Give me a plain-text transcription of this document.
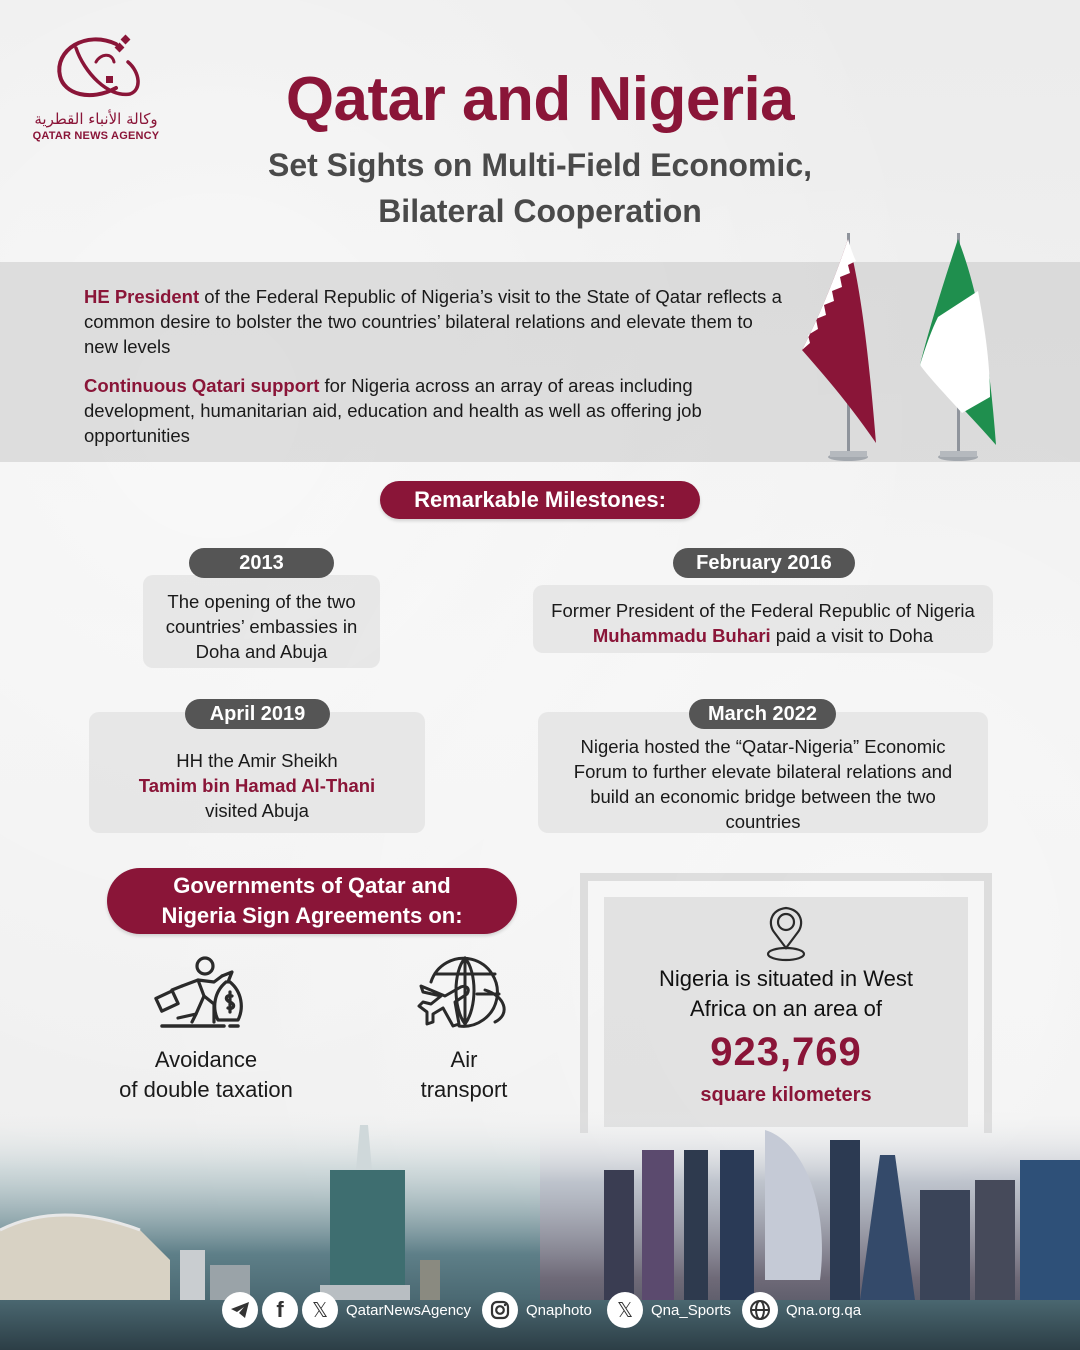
وكالة الأنباء القطرية
QATAR NEWS AGENCY
Qatar and Nigeria
Set Sights on Multi-Field Economic,
Bilateral Cooperation

HE President of the Federal Republic of Nigeria’s visit to the State of Qatar reflects a common desire to bolster the two countries’ bilateral relations and elevate them to new levels

Continuous Qatari support for Nigeria across an array of areas including development, humanitarian aid, education and health as well as offering job opportunities

Remarkable Milestones:
The opening of the two countries’ embassies in Doha and Abuja
2013
Former President of the Federal Republic of Nigeria Muhammadu Buhari paid a visit to Doha
February 2016
HH the Amir Sheikh
Tamim bin Hamad Al-Thani
visited Abuja
April 2019
Nigeria hosted the “Qatar-Nigeria” Economic Forum to further elevate bilateral relations and build an economic bridge between the two countries
March 2022
Governments of Qatar and
Nigeria Sign Agreements on:
Avoidance
of double taxation
Air
transport
Nigeria is situated in West
Africa on an area of
923,769
square kilometers
f 𝕏 QatarNewsAgency	Qnaphoto 𝕏 Qna_Sports	Qna.org.qa
